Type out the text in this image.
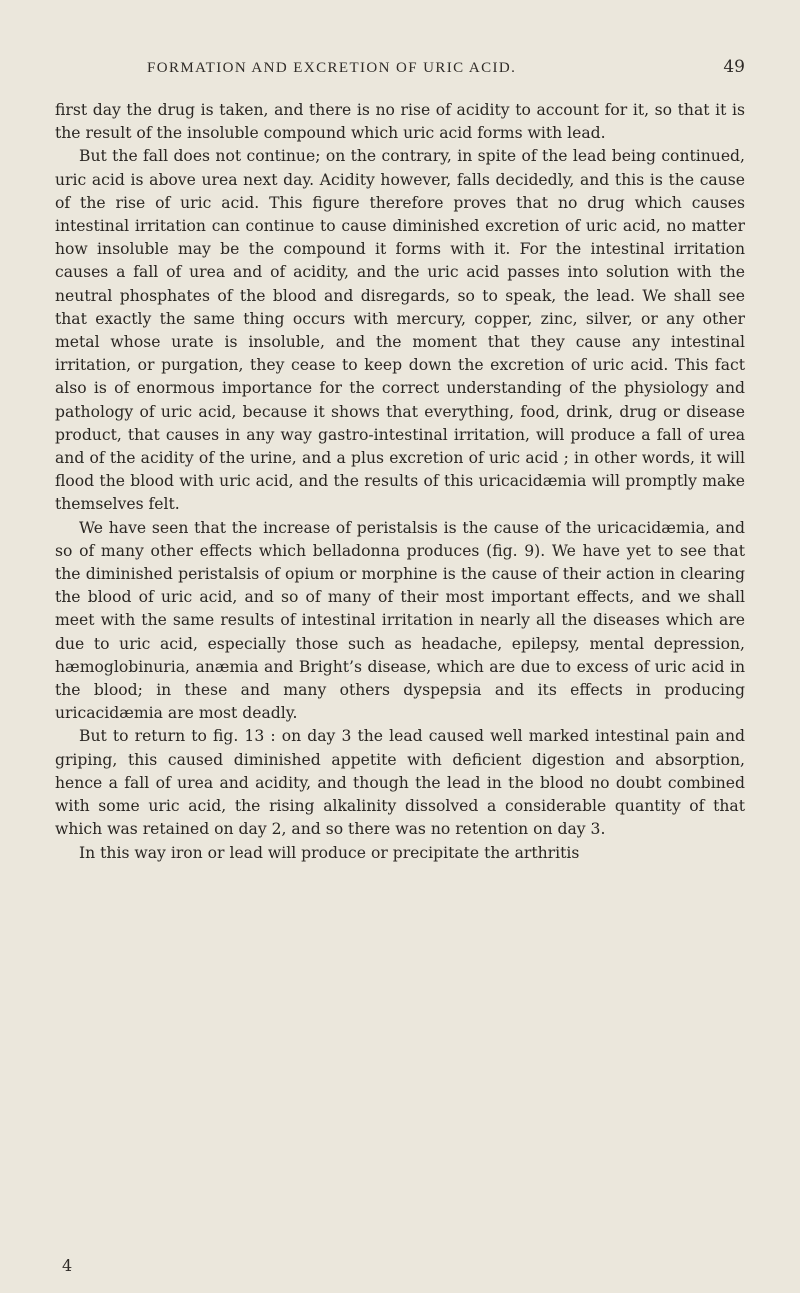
FORMATION AND EXCRETION OF URIC ACID.	49

first day the drug is taken, and there is no rise of acidity to account for it, so that it is the result of the insoluble compound which uric acid forms with lead.

But the fall does not continue; on the contrary, in spite of the lead being continued, uric acid is above urea next day. Acidity however, falls decidedly, and this is the cause of the rise of uric acid. This figure therefore proves that no drug which causes intestinal irritation can continue to cause diminished excretion of uric acid, no matter how insoluble may be the compound it forms with it. For the intestinal irritation causes a fall of urea and of acidity, and the uric acid passes into solution with the neutral phosphates of the blood and disregards, so to speak, the lead. We shall see that exactly the same thing occurs with mercury, copper, zinc, silver, or any other metal whose urate is insoluble, and the moment that they cause any intestinal irritation, or purgation, they cease to keep down the excretion of uric acid. This fact also is of enormous importance for the correct understanding of the physiology and pathology of uric acid, because it shows that everything, food, drink, drug or disease product, that causes in any way gastro-intestinal irritation, will produce a fall of urea and of the acidity of the urine, and a plus excretion of uric acid ; in other words, it will flood the blood with uric acid, and the results of this uricacidæmia will promptly make themselves felt.

We have seen that the increase of peristalsis is the cause of the uricacidæmia, and so of many other effects which belladonna produces (fig. 9). We have yet to see that the diminished peristalsis of opium or morphine is the cause of their action in clearing the blood of uric acid, and so of many of their most important effects, and we shall meet with the same results of intestinal irritation in nearly all the diseases which are due to uric acid, especially those such as headache, epilepsy, mental depression, hæmoglobinuria, anæmia and Bright’s disease, which are due to excess of uric acid in the blood; in these and many others dyspepsia and its effects in producing uricacidæmia are most deadly.

But to return to fig. 13 : on day 3 the lead caused well marked intestinal pain and griping, this caused diminished appetite with deficient digestion and absorption, hence a fall of urea and acidity, and though the lead in the blood no doubt combined with some uric acid, the rising alkalinity dissolved a considerable quantity of that which was retained on day 2, and so there was no retention on day 3.

In this way iron or lead will produce or precipitate the arthritis

4
